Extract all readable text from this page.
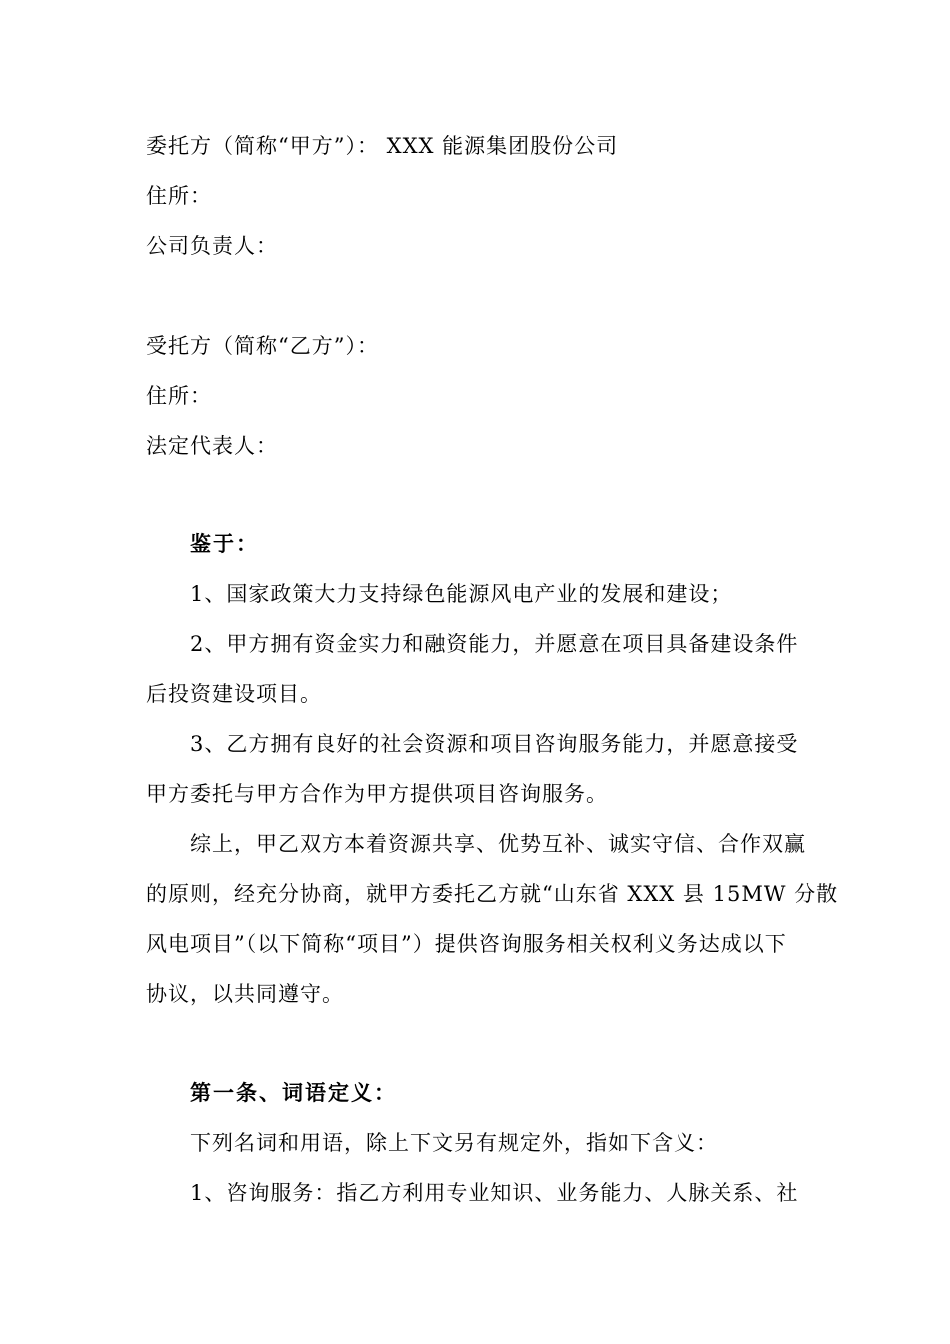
委托方（简称“甲方”）： XXX 能源集团股份公司
住所：
公司负责人：
受托方（简称“乙方”）：
住所：
法定代表人：
鉴于：
1、国家政策大力支持绿色能源风电产业的发展和建设；
2、甲方拥有资金实力和融资能力，并愿意在项目具备建设条件
后投资建设项目。
3、乙方拥有良好的社会资源和项目咨询服务能力，并愿意接受
甲方委托与甲方合作为甲方提供项目咨询服务。
综上，甲乙双方本着资源共享、优势互补、诚实守信、合作双赢
的原则，经充分协商，就甲方委托乙方就“山东省 XXX 县 15MW 分散
风电项目”（以下简称“项目”）提供咨询服务相关权利义务达成以下
协议，以共同遵守。
第一条、词语定义：
下列名词和用语，除上下文另有规定外，指如下含义：
1、咨询服务：指乙方利用专业知识、业务能力、人脉关系、社
